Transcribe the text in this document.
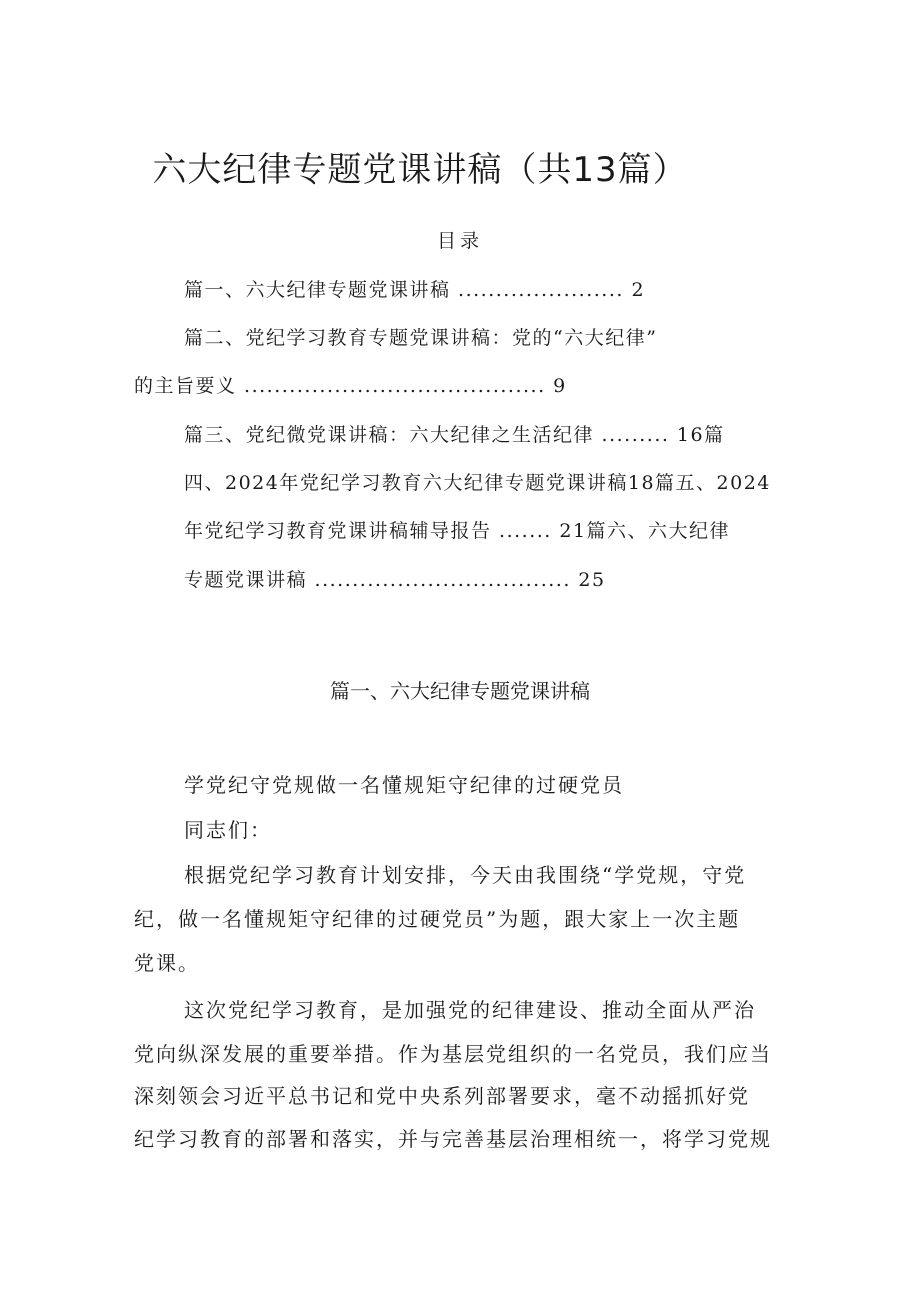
六大纪律专题党课讲稿（共13篇）
目录
篇一、六大纪律专题党课讲稿 ...................... 2
篇二、党纪学习教育专题党课讲稿：党的“六大纪律”
的主旨要义 ........................................ 9
篇三、党纪微党课讲稿：六大纪律之生活纪律 ......... 16篇
四、2024年党纪学习教育六大纪律专题党课讲稿18篇五、2024
年党纪学习教育党课讲稿辅导报告 ....... 21篇六、六大纪律
专题党课讲稿 .................................. 25
篇一、六大纪律专题党课讲稿
学党纪守党规做一名懂规矩守纪律的过硬党员
同志们：
根据党纪学习教育计划安排，今天由我围绕“学党规，守党
纪，做一名懂规矩守纪律的过硬党员”为题，跟大家上一次主题
党课。
这次党纪学习教育，是加强党的纪律建设、推动全面从严治
党向纵深发展的重要举措。作为基层党组织的一名党员，我们应当
深刻领会习近平总书记和党中央系列部署要求，毫不动摇抓好党
纪学习教育的部署和落实，并与完善基层治理相统一，将学习党规
